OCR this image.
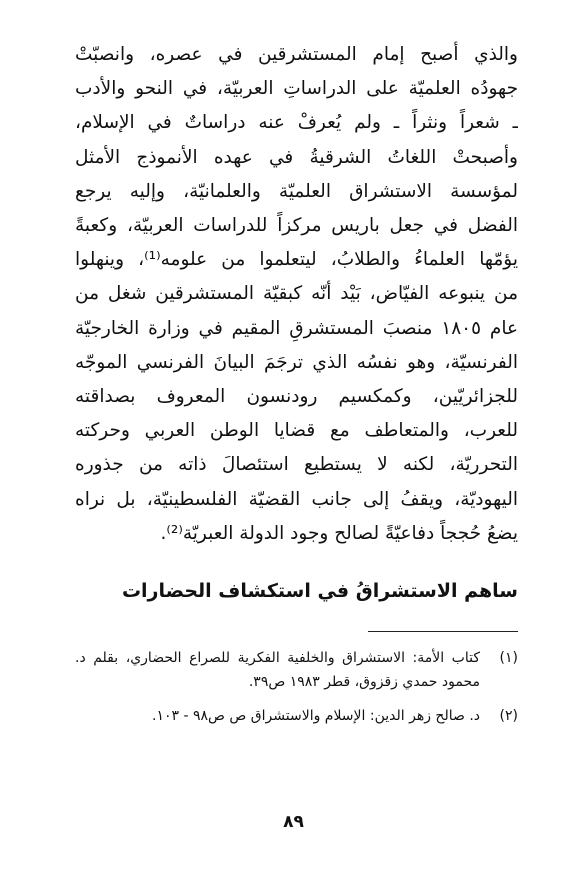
والذي أصبح إمام المستشرقين في عصره، وانصبّتْ
جهودُه العلميّة على الدراساتِ العربيّة، في النحو والأدب
ـ شعراً ونثراً ـ ولم يُعرفْ عنه دراساتٌ في الإسلام،
وأصبحتْ اللغاتُ الشرقيةُ في عهده الأنموذج الأمثل
لمؤسسة الاستشراق العلميّة والعلمانيّة، وإليه يرجع
الفضل في جعل باريس مركزاً للدراسات العربيّة، وكعبةً
يؤمّها العلماءُ والطلابُ، ليتعلموا من علومه⁽¹⁾، وينهلوا
من ينبوعه الفيّاض، بَيْد أنّه كبقيّة المستشرقين شغل من
عام ١٨٠٥ منصبَ المستشرقِ المقيم في وزارة الخارجيّة
الفرنسيّة، وهو نفسُه الذي ترجَمَ البيانَ الفرنسي الموجّه
للجزائريّين، وكمكسيم رودنسون المعروف بصداقته
للعرب، والمتعاطف مع قضايا الوطن العربي وحركته
التحرريّة، لكنه لا يستطيع استئصالَ ذاته من جذوره
اليهوديّة، ويقفُ إلى جانب القضيّة الفلسطينيّة، بل نراه
يضعُ حُججاً دفاعيّةً لصالح وجود الدولة العبريّة⁽²⁾.

ساهم الاستشراقُ في استكشاف الحضارات
(١)
كتاب الأمة: الاستشراق والخلفية الفكرية للصراع الحضاري، بقلم د. محمود حمدي زقزوق، قطر ١٩٨٣ ص٣٩.
(٢)
د. صالح زهر الدين: الإسلام والاستشراق ص ص٩٨ - ١٠٣.
٨٩
